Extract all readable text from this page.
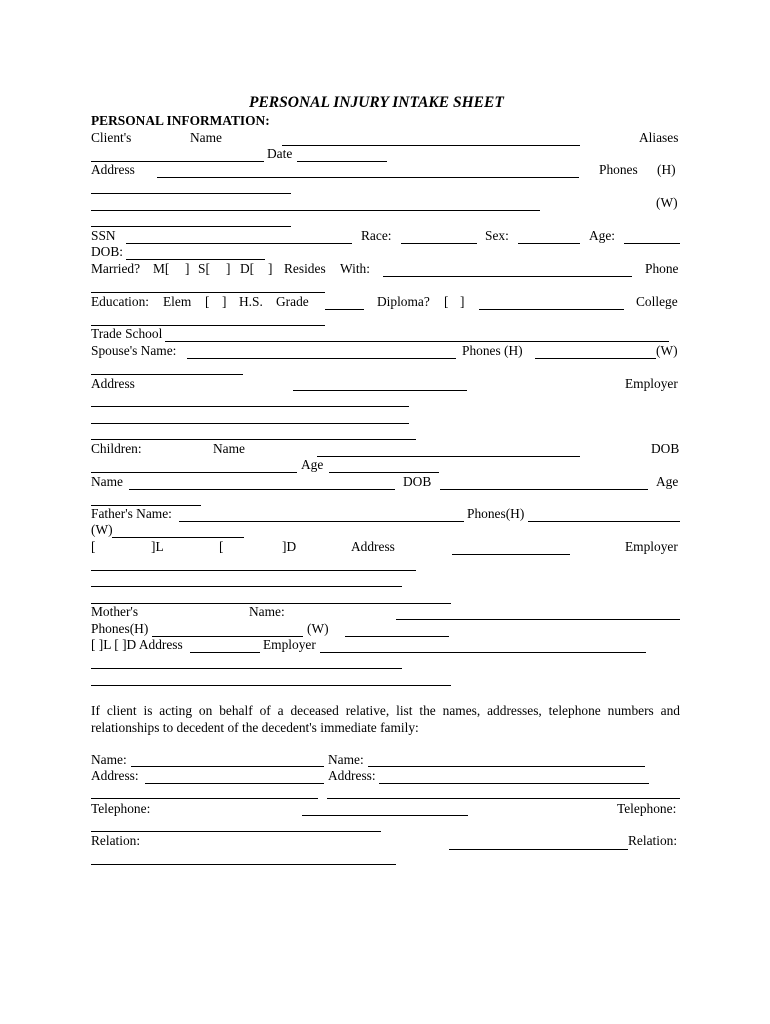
PERSONAL INJURY INTAKE SHEET
PERSONAL INFORMATION:
Client's	Name	Aliases
Date
Address	Phones (H)
(W)
SSN	Race:	Sex:	Age:
DOB:
Married? M[ ] S[ ] D[ ] Resides With:	Phone
Education: Elem [ ] H.S. Grade	Diploma? [ ]	College
Trade School
Spouse's Name:	Phones (H)	(W)
Address	Employer
Children:	Name	DOB
Age
Name	DOB	Age
Father's Name:	Phones(H)
(W)
[	]L	[	]D	Address	Employer
Mother's	Name:
Phones(H)	(W)
[ ]L [ ]D Address	Employer
If client is acting on behalf of a deceased relative, list the names, addresses, telephone numbers and relationships to decedent of the decedent's immediate family:
Name:	Name:
Address:	Address:
Telephone:	Telephone:
Relation:	Relation:
